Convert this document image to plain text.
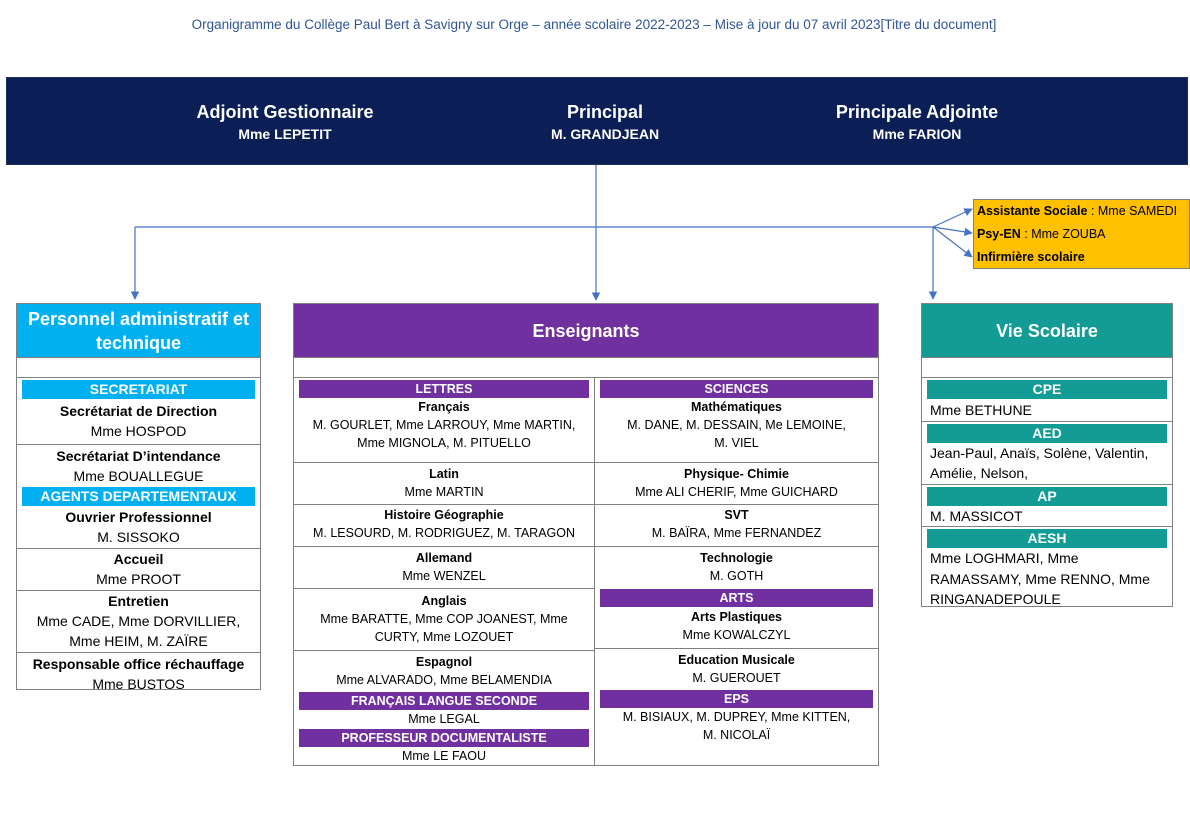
Organigramme du Collège Paul Bert à Savigny sur Orge – année scolaire 2022-2023 – Mise à jour du 07 avril 2023[Titre du document]
Adjoint Gestionnaire
Mme LEPETIT
Principal
M. GRANDJEAN
Principale Adjointe
Mme FARION
Assistante Sociale : Mme SAMEDI
Psy-EN : Mme ZOUBA
Infirmière scolaire
Personnel administratif et technique
SECRETARIAT
Secrétariat de Direction
Mme HOSPOD
Secrétariat D’intendance
Mme BOUALLEGUE
AGENTS DEPARTEMENTAUX
Ouvrier Professionnel
M. SISSOKO
Accueil
Mme PROOT
Entretien
Mme CADE, Mme DORVILLIER, Mme HEIM, M. ZAÏRE
Responsable office réchauffage
Mme BUSTOS
Enseignants
LETTRES
Français
M. GOURLET, Mme LARROUY, Mme MARTIN, Mme MIGNOLA, M. PITUELLO
Latin
Mme MARTIN
Histoire Géographie
M. LESOURD, M. RODRIGUEZ, M. TARAGON
Allemand
Mme WENZEL
Anglais
Mme BARATTE, Mme COP JOANEST, Mme CURTY, Mme LOZOUET
Espagnol
Mme ALVARADO, Mme BELAMENDIA
FRANÇAIS LANGUE SECONDE
Mme LEGAL
PROFESSEUR DOCUMENTALISTE
Mme LE FAOU
SCIENCES
Mathématiques
M. DANE, M. DESSAIN, Me LEMOINE, M. VIEL
Physique- Chimie
Mme ALI CHERIF, Mme GUICHARD
SVT
M. BAÏRA, Mme FERNANDEZ
Technologie
M. GOTH
ARTS
Arts Plastiques
Mme KOWALCZYL
Education Musicale
M. GUEROUET
EPS
M. BISIAUX, M. DUPREY, Mme KITTEN, M. NICOLAÏ
Vie Scolaire
CPE
Mme BETHUNE
AED
Jean-Paul, Anaïs, Solène, Valentin, Amélie, Nelson,
AP
M. MASSICOT
AESH
Mme LOGHMARI, Mme RAMASSAMY, Mme RENNO, Mme RINGANADEPOULE
